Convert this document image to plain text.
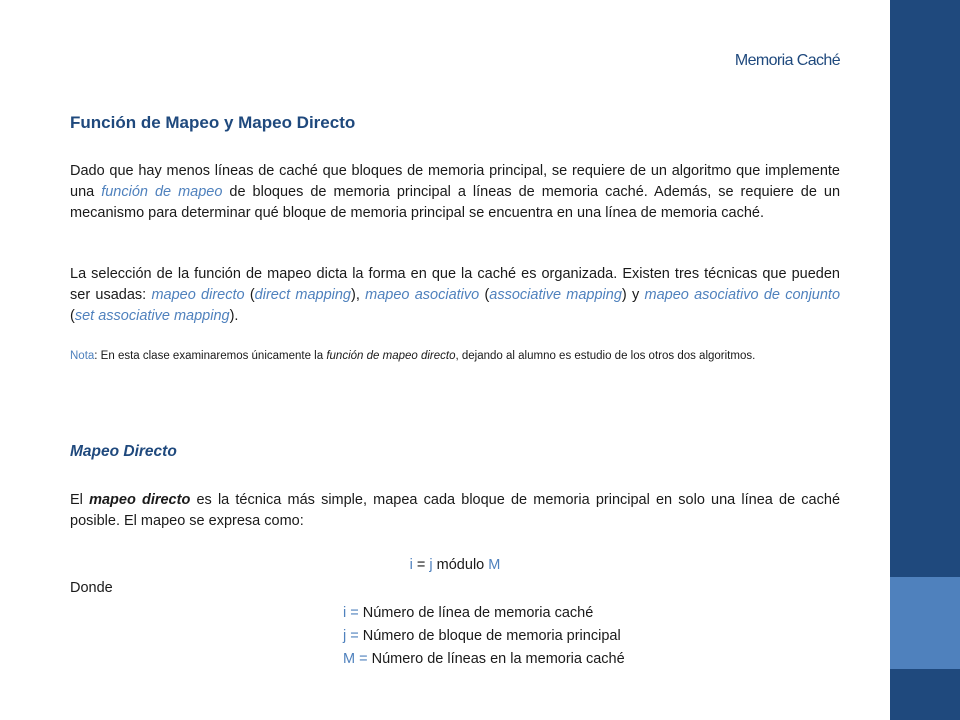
Memoria Caché
Función de Mapeo y Mapeo Directo

Dado que hay menos líneas de caché que bloques de memoria principal, se requiere de un algoritmo que implemente una función de mapeo de bloques de memoria principal a líneas de memoria caché. Además, se requiere de un mecanismo para determinar qué bloque de memoria principal se encuentra en una línea de memoria caché.

La selección de la función de mapeo dicta la forma en que la caché es organizada. Existen tres técnicas que pueden ser usadas: mapeo directo (direct mapping), mapeo asociativo (associative mapping) y mapeo asociativo de conjunto (set associative mapping).

Nota: En esta clase examinaremos únicamente la función de mapeo directo, dejando al alumno es estudio de los otros dos algoritmos.

Mapeo Directo

El mapeo directo es la técnica más simple, mapea cada bloque de memoria principal en solo una línea de caché posible. El mapeo se expresa como:

i = j módulo M
Donde
i = Número de línea de memoria caché
j = Número de bloque de memoria principal
M = Número de líneas en la memoria caché
